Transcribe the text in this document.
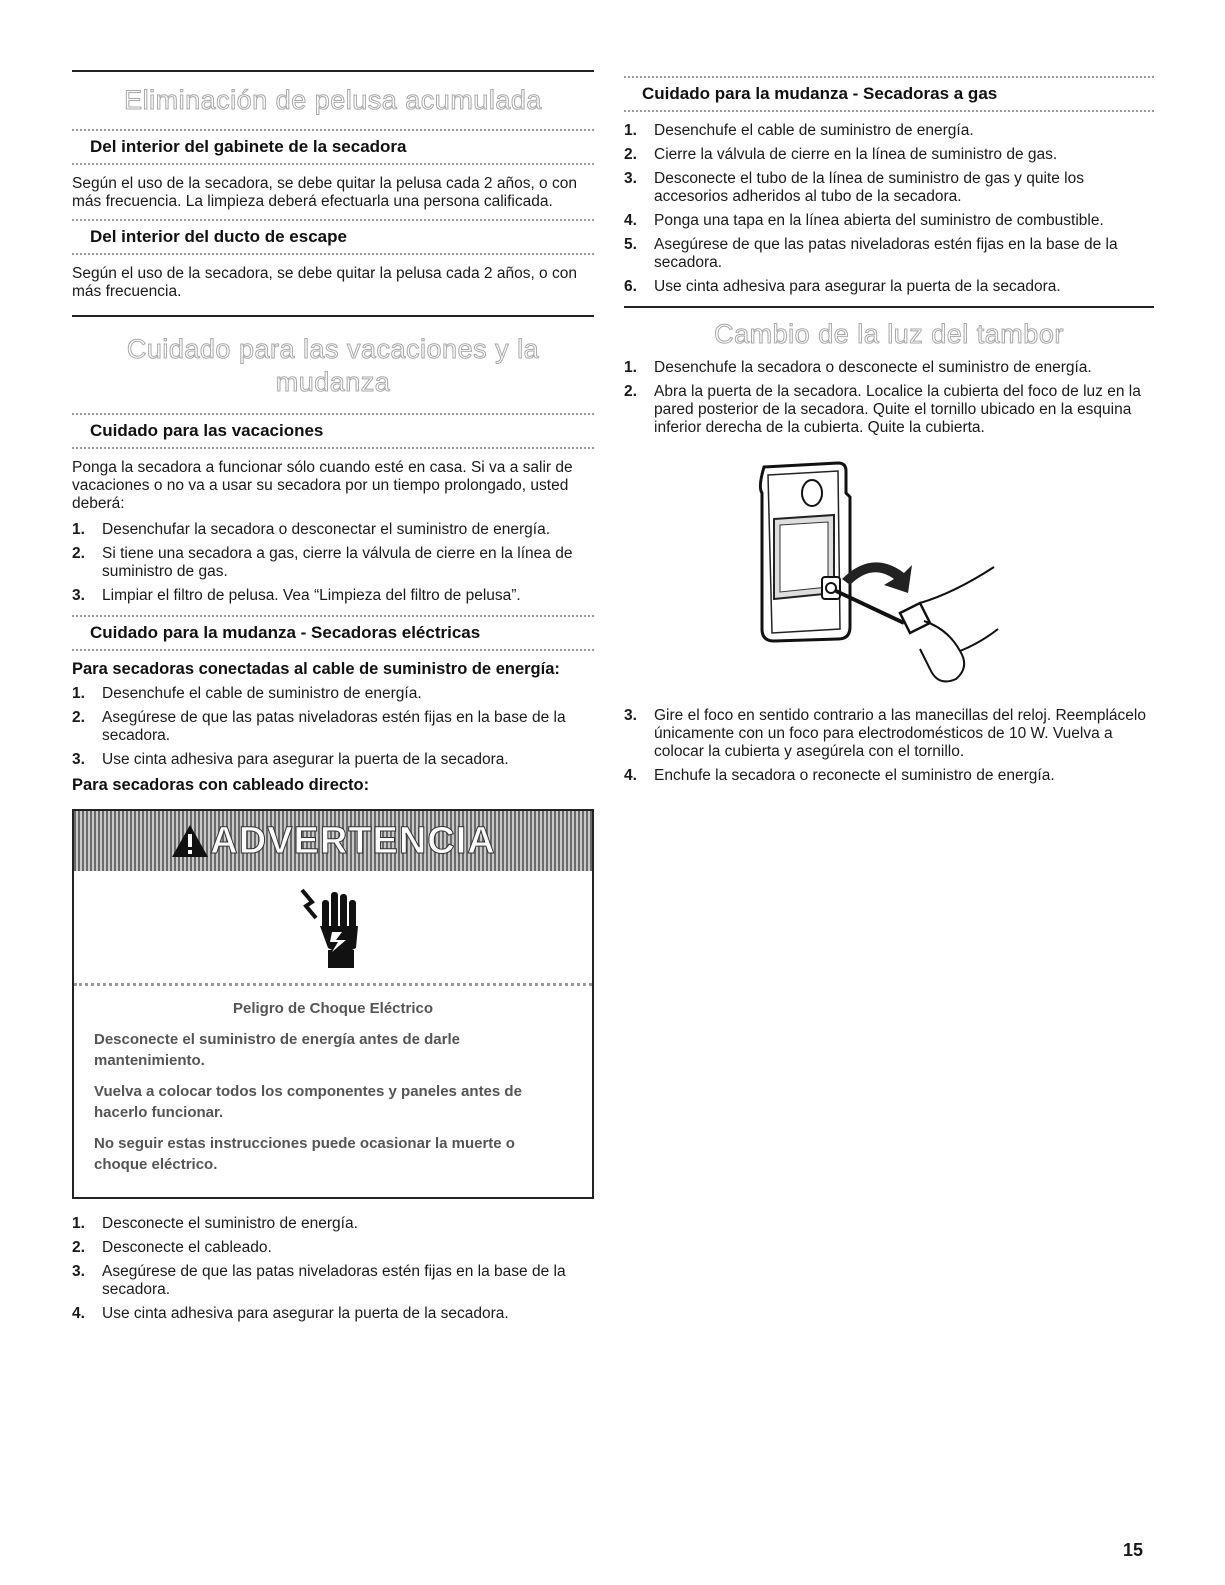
Eliminación de pelusa acumulada
Del interior del gabinete de la secadora

Según el uso de la secadora, se debe quitar la pelusa cada 2 años, o con más frecuencia. La limpieza deberá efectuarla una persona calificada.

Del interior del ducto de escape

Según el uso de la secadora, se debe quitar la pelusa cada 2 años, o con más frecuencia.

Cuidado para las vacaciones y la mudanza
Cuidado para las vacaciones

Ponga la secadora a funcionar sólo cuando esté en casa. Si va a salir de vacaciones o no va a usar su secadora por un tiempo prolongado, usted deberá:

1. Desenchufar la secadora o desconectar el suministro de energía.
2. Si tiene una secadora a gas, cierre la válvula de cierre en la línea de suministro de gas.
3. Limpiar el filtro de pelusa. Vea “Limpieza del filtro de pelusa”.
Cuidado para la mudanza - Secadoras eléctricas
Para secadoras conectadas al cable de suministro de energía:
1. Desenchufe el cable de suministro de energía.
2. Asegúrese de que las patas niveladoras estén fijas en la base de la secadora.
3. Use cinta adhesiva para asegurar la puerta de la secadora.
Para secadoras con cableado directo:
ADVERTENCIA
Peligro de Choque Eléctrico
Desconecte el suministro de energía antes de darle mantenimiento.
Vuelva a colocar todos los componentes y paneles antes de hacerlo funcionar.
No seguir estas instrucciones puede ocasionar la muerte o choque eléctrico.
1. Desconecte el suministro de energía.
2. Desconecte el cableado.
3. Asegúrese de que las patas niveladoras estén fijas en la base de la secadora.
4. Use cinta adhesiva para asegurar la puerta de la secadora.
Cuidado para la mudanza - Secadoras a gas
1. Desenchufe el cable de suministro de energía.
2. Cierre la válvula de cierre en la línea de suministro de gas.
3. Desconecte el tubo de la línea de suministro de gas y quite los accesorios adheridos al tubo de la secadora.
4. Ponga una tapa en la línea abierta del suministro de combustible.
5. Asegúrese de que las patas niveladoras estén fijas en la base de la secadora.
6. Use cinta adhesiva para asegurar la puerta de la secadora.
Cambio de la luz del tambor
1. Desenchufe la secadora o desconecte el suministro de energía.
2. Abra la puerta de la secadora. Localice la cubierta del foco de luz en la pared posterior de la secadora. Quite el tornillo ubicado en la esquina inferior derecha de la cubierta. Quite la cubierta.
3. Gire el foco en sentido contrario a las manecillas del reloj. Reemplácelo únicamente con un foco para electrodomésticos de 10 W. Vuelva a colocar la cubierta y asegúrela con el tornillo.
4. Enchufe la secadora o reconecte el suministro de energía.
15
